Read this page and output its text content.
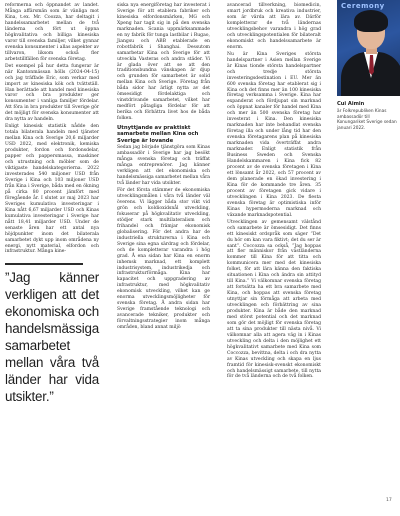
reformerna och öppnandet av landet. Många affärsmän som är vänliga mot Kina, t.ex. Mr. Coozza, har deltagit i handelssamarbetet mellan de två länderna och fört ut öppna högkvalitativa och billiga kinesiska varor till svenska familjer, vilket gynnar svenska konsumenter i allas aspekter av tillvaron, liksom också fler arbetstillfällen för svenska företag.

Det exempel på hur detta fungerar är när Kantonmässan hölls (2024-04-15) och jag träffade Eric, som verkar med import av kinesiska kök och tvättställ. Han berättade att handel med kinesiska varor och bra produkter ger konsumenter i vanliga familjer fördelar. Att föra in bra produkter till Sverige gör det möjligt för svenska konsumenter att dra nytta av handeln.

Enligt kinesisk statistik nådde den totala bilaterala handeln med tjänster mellan Kina och Sverige 20,6 miljarder USD 2022, med elektronik, kemiska produkter, fordon och fordonsdelar, papper och pappersmassa, maskiner och utrustning och möbler som de viktigaste handelskategorierna. 2022 investerades 540 miljoner USD från Sverige i Kina och 103 miljoner USD från Kina i Sverige, båda med en ökning på cirka 80 procent jämfört med föregående år. I slutet av maj 2023 har Sveriges kumulativa investeringar i Kina nått 6,67 miljarder USD och Kinas kumulativa investeringar i Sverige har nått 18,41 miljarder USD. Under de senaste åren har ett antal nya höjdpunkter inom det bilaterala samarbetet dykt upp inom områdena ny energi, nytt material, elfordon och infrastruktur. Många kine-

”Jag känner verkligen att det ekonomiska och handelsmässiga samarbetet mellan våra två länder har vida utsikter.”

siska nya energiföretag har investerat i Sverige för att etablera fabriker och kinesiska elfordonsmärken, MG och Xpeng har tagit sig in på den svenska marknaden. Scania uppmärksammade en ny fabrik för tunga lastbilar i Rugao, Jiangsu och ABB etablerade en robotfabrik i Shanghai. Dessutom samarbetar Kina och Sverige för att utveckla Vasteras och andra städer. Vi är glada över att se att den traditionsbundna vänskapen är djup och grunden för samarbetet är solid mellan Kina och Sverige. Företag från båda sidor har ärligt nytta av det ömsesidigt fördelaktiga och vinstdrivande samarbetet, vilket har medfört påtagliga fördelar för att berika och förbättra livet hos de båda folken.

Utnyttjande av praktiskt samarbete mellan Kina och Sverige är lovande

Sedan jag började tjänstgöra som Kinas ambassadör i Sverige har jag besökt många svenska företag och träffat många entreprenörer. Jag känner verkligen att det ekonomiska och handelsmässiga samarbetet mellan våra två länder har vida utsikter.

För det första stämmer de ekonomiska utvecklingsmålen i våra två länder väl överens. Vi lägger båda stor vikt vid grön och koldioxidsnål utveckling, fokuserar på högkvalitativ utveckling, stödjer stark multilateralism och frihandel och främjar ekonomisk globalisering. För det andra har de industriella strukturerna i Kina och Sverige sina egna särdrag och fördelar, och de kompletterar varandra i hög grad. Å ena sidan har Kina en enorm inhemsk marknad, ett komplett industrisystem, industrikedja och infrastrukturförmåga. Kina har kapacitet och uppgradering av infrastruktur, med högkvalitativ ekonomisk utveckling, vilket kan ge enorma utvecklingsmöjligheter för svenska företag. Å andra sidan har Sverige framstående teknologi och avancerade tekniker, produkter och förvaltningsstrategier inom många områden, bland annat miljö

avancerad tillverkning, biomedicin, smart jordbruk och kreativa industrier, som är värda att lära av. Därför kompletterar de två ländernas utvecklingsbehov varandra i hög grad och utvecklingspotentialen för bilateralt ekonomiskt och handelssamarbete är enorm.

Nu är Kina Sveriges största handelspartner i Asien mellan Sverige är Kinas tionde största handelspartner och tredje största investeringsdestination i EU. Mer än 600 svenska företag har etablerat sig i Kina och det finns mer än 100 kinesiska företag verksamma i Sverige. Kina har expanderat och fördjupat sin marknad och öppnat kanaler för handel med Kina och mer än 500 svenska företag har investerat i Kina. Den kinesiska marknaden har inte behandlat svenska företag illa och under lång tid har den svenska företagarens plan på kinesiska marknaden vida överträffat andra marknader. Enligt statistik från Business Sweden och Svenska Handelskammaren i Kina fick 82 procent av de svenska företagen i Kina ett lönsamt år 2022, och 57 procent av dem planerade en ökad investering i Kina för de kommande tre åren. 35 procent av företagen gick vidare i utvecklingen i Kina 2023. De flesta svenska företag är optimistiska inför Kinas hypermoderna marknad och växande marknadspotential.

Utvecklingen av gemensamt välstånd och samarbete är ömsesidigt. Det finns ett kinesiskt ordspråk som säger ”Det du hör om kan vara fiktivt; det du ser är sant”. Coccozza sa också, ”Jag hoppas att fler människor från västländerna kommer till Kina för att titta och kommunicera mer med det kinesiska folket, för att lära känna den faktiska situationen i Kina och ändra sin attityd till Kina.” Vi välkomnar svenska företag att fortsätta ha ett bra samarbete med Kina, och hoppas att svenska företag utnyttjar sin förmåga att arbeta med utvecklingen och förbättring av sina produkter. Kina är både den marknad med störst potential och det marknad som gör det möjligt för svenska företag att ta sina produkter till nästa nivå. Vi välkomnar alla att agera väg in i Kinas utveckling och delta i den möjlighet ett högkvalitativt samarbete med Kina som Coccozza, bevittna, delta i och dra nytta av Kinas utveckling och skapa en ljus framtid för kinesisk-svenskt ekonomiskt och handelsmässigt samarbete, till nytta för de två länderna och de två folken.

Ceremony
Cui Aimin

är Folkrepubliken Kinas ambassadör till Konungariket Sverige sedan januari 2022.

17
